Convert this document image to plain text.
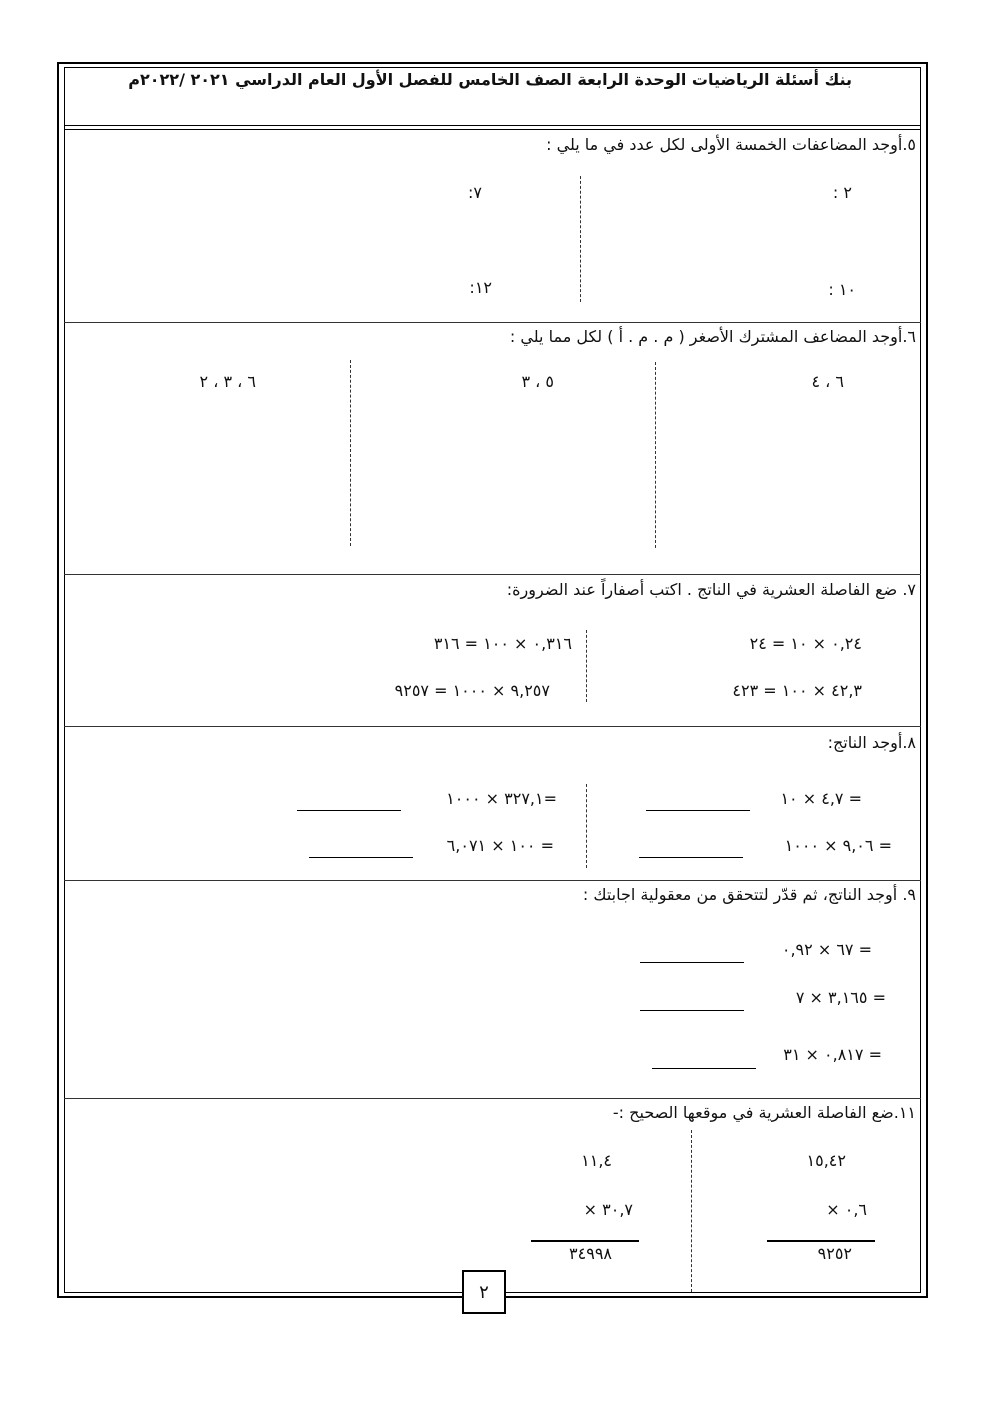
بنك أسئلة الرياضيات الوحدة الرابعة الصف الخامس للفصل الأول العام الدراسي ٢٠٢١ /٢٠٢٢م
٥.أوجد المضاعفات الخمسة الأولى لكل عدد في ما يلي :
: ٢
:٧
: ١٠
:١٢
٦.أوجد المضاعف المشترك الأصغر ( م . م . أ ) لكل مما يلي :
٦ ، ٤
٥ ، ٣
٦ ، ٣ ، ٢
٧. ضع الفاصلة العشرية في الناتج . اكتب أصفاراً عند الضرورة:
٠,٢٤ × ١٠ = ٢٤
٠,٣١٦ × ١٠٠ = ٣١٦
٤٢,٣ × ١٠٠ = ٤٢٣
٩,٢٥٧ × ١٠٠٠ = ٩٢٥٧
٨.أوجد الناتج:
٤,٧ × ١٠ =
٣٢٧,١ × ١٠٠٠=
٩,٠٦ × ١٠٠٠ =
١٠٠ × ٦,٠٧١ =
٩. أوجد الناتج، ثم قدّر لتتحقق من معقولية اجابتك :
٦٧ × ٠,٩٢ =
٣,١٦٥ × ٧ =
٠,٨١٧ × ٣١ =
١١.ضع الفاصلة العشرية في موقعها الصحيح :-
١٥,٤٢
× ٠,٦
٩٢٥٢
١١,٤
× ٣٠,٧
٣٤٩٩٨
٢
